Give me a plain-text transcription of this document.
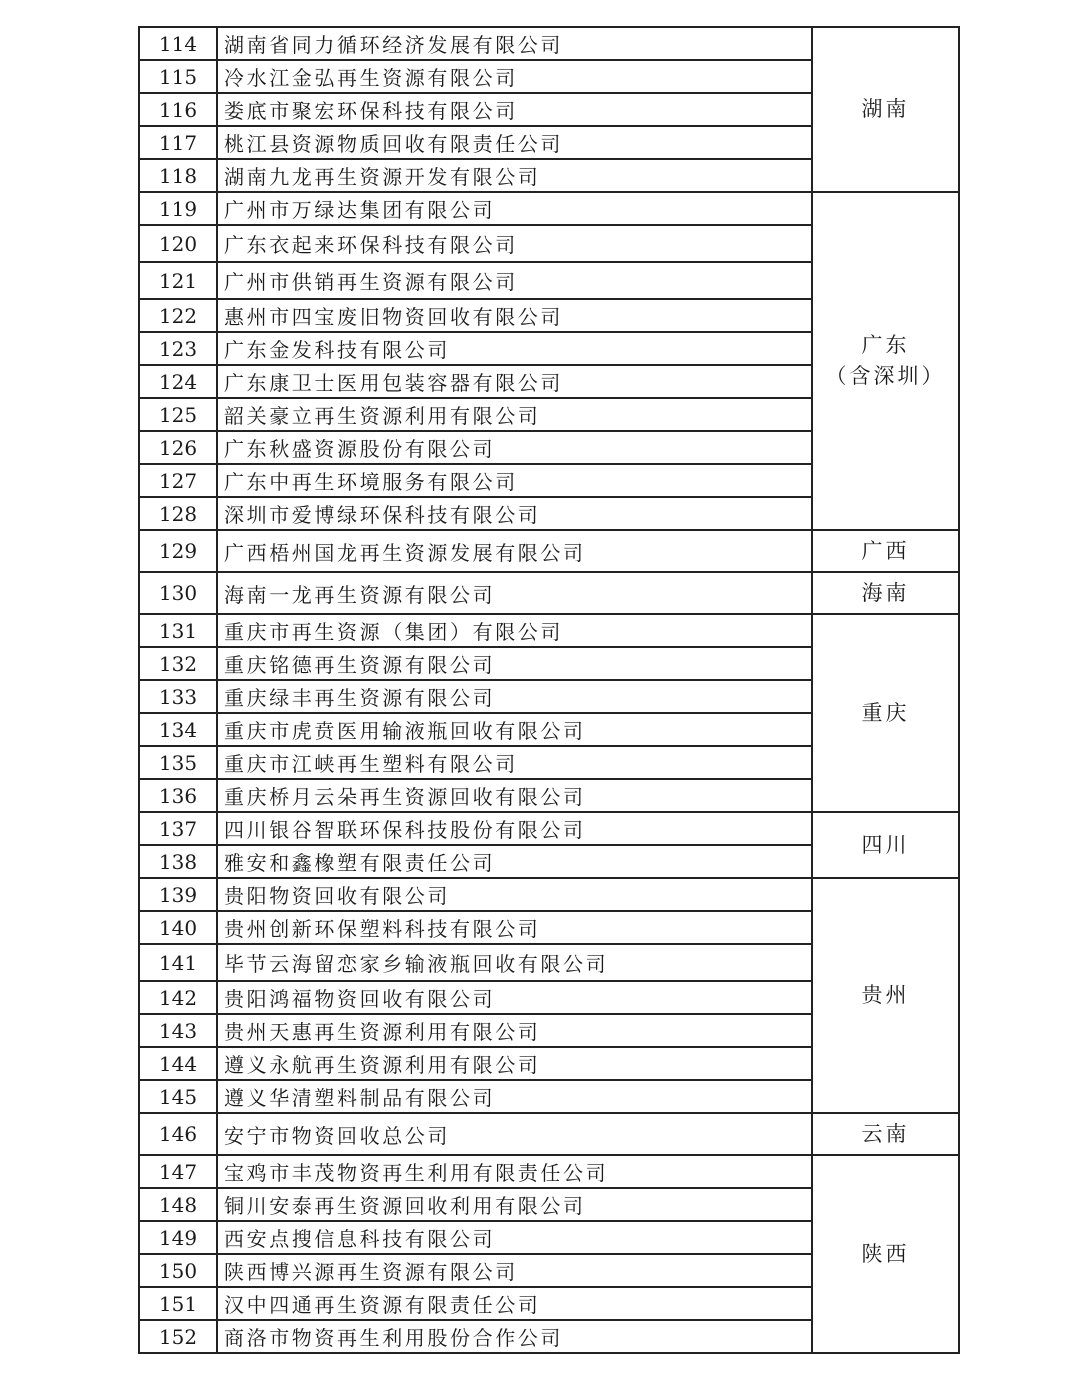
114	湖南省同力循环经济发展有限公司	湖南

115	冷水江金弘再生资源有限公司	
116	娄底市聚宏环保科技有限公司	
117	桃江县资源物质回收有限责任公司	
118	湖南九龙再生资源开发有限公司	
119	广州市万绿达集团有限公司	广东
（含深圳）

120	广东衣起来环保科技有限公司	
121	广州市供销再生资源有限公司	
122	惠州市四宝废旧物资回收有限公司	
123	广东金发科技有限公司	
124	广东康卫士医用包装容器有限公司	
125	韶关豪立再生资源利用有限公司	
126	广东秋盛资源股份有限公司	
127	广东中再生环境服务有限公司	
128	深圳市爱博绿环保科技有限公司	
129	广西梧州国龙再生资源发展有限公司	广西

130	海南一龙再生资源有限公司	海南

131	重庆市再生资源（集团）有限公司	重庆

132	重庆铭德再生资源有限公司	
133	重庆绿丰再生资源有限公司	
134	重庆市虎贲医用输液瓶回收有限公司	
135	重庆市江峡再生塑料有限公司	
136	重庆桥月云朵再生资源回收有限公司	
137	四川银谷智联环保科技股份有限公司	四川

138	雅安和鑫橡塑有限责任公司	
139	贵阳物资回收有限公司	贵州

140	贵州创新环保塑料科技有限公司	
141	毕节云海留恋家乡输液瓶回收有限公司	
142	贵阳鸿福物资回收有限公司	
143	贵州天惠再生资源利用有限公司	
144	遵义永航再生资源利用有限公司	
145	遵义华清塑料制品有限公司	
146	安宁市物资回收总公司	云南

147	宝鸡市丰茂物资再生利用有限责任公司	陕西

148	铜川安泰再生资源回收利用有限公司	
149	西安点搜信息科技有限公司	
150	陕西博兴源再生资源有限公司	
151	汉中四通再生资源有限责任公司	
152	商洛市物资再生利用股份合作公司	
